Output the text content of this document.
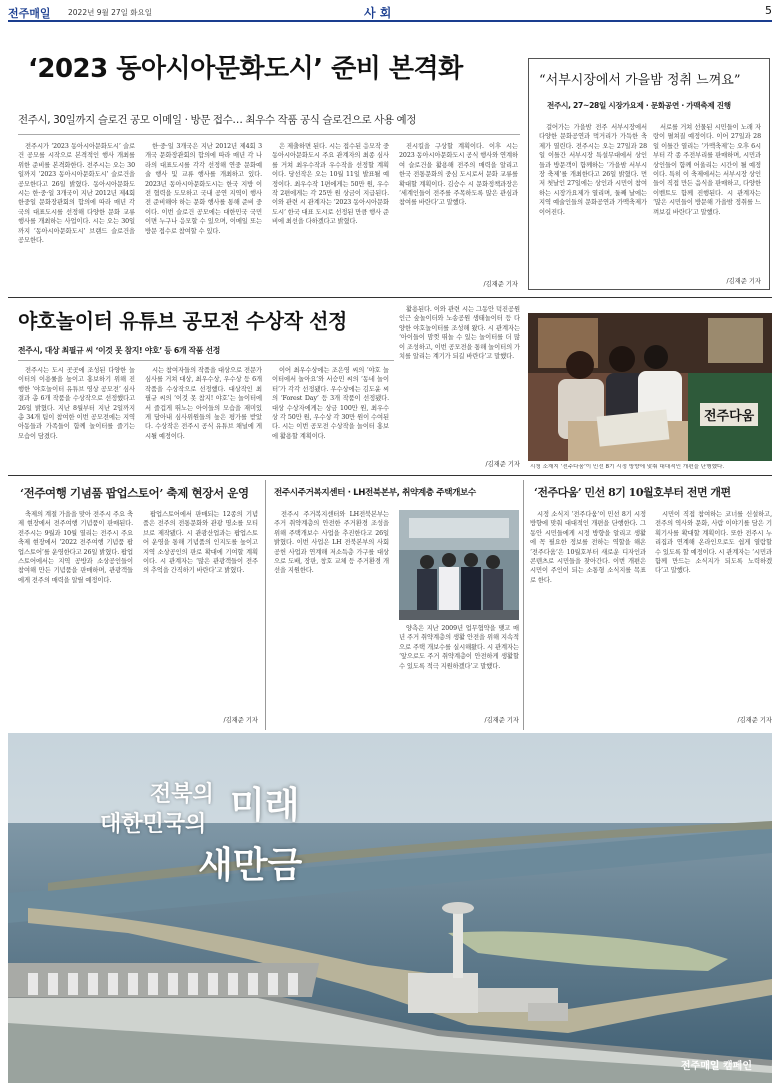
전주매일 2022년 9월 27일 화요일	사 회	5
‘2023 동아시아문화도시’ 준비 본격화
전주시, 30일까지 슬로건 공모 이메일 · 방문 접수… 최우수 작품 공식 슬로건으로 사용 예정

전주시가 ‘2023 동아시아문화도시’ 슬로건 공모를 시작으로 본격적인 행사 개최를 위한 준비를 본격화한다. 전주시는 오는 30일까지 ‘2023 동아시아문화도시’ 슬로건을 공모한다고 26일 밝혔다. 동아시아문화도시는 한·중·일 3개국이 지난 2012년 제4회 한중일 문화장관회의 합의에 따라 매년 각국의 대표도시를 선정해 다양한 문화 교류 행사를 개최하는 사업이다. 시는 오는 30일까지 ‘동아시아문화도시’ 브랜드 슬로건을 공모한다.

한·중·일 3개국은 지난 2012년 제4회 3개국 문화장관회의 합의에 따라 매년 각 나라의 대표도시를 각각 선정해 연중 문화예술 행사 및 교류 행사를 개최하고 있다. 2023년 동아시아문화도시는 한국 지방 이전 협력을 도모하고 국내 공연 지역이 행사 전 준비해야 하는 문화 행사를 통해 준비 중이다. 이번 슬로건 공모에는 대한민국 국민이면 누구나 응모할 수 있으며, 이메일 또는 방문 접수로 참여할 수 있다.

은 제출하면 된다. 시는 접수된 응모작 중 동아시아문화도시 주요 관계자의 최종 심사를 거쳐 최우수작과 우수작을 선정할 계획이다. 당선작은 오는 10월 11일 발표될 예정이다. 최우수작 1편에게는 50만 원, 우수작 2편에게는 각 25만 원 상금이 지급된다. 이와 관련 시 관계자는 ‘2023 동아시아문화도시’ 한국 대표 도시로 선정된 만큼 행사 준비에 최선을 다하겠다고 밝혔다.

진시킬을 구상할 계획이다. 이후 시는 2023 동아시아문화도시 공식 행사와 연계하여 슬로건을 활용해 전주의 매력을 알리고 한국 전통문화의 중심 도시로서 문화 교류를 확대할 계획이다. 김승수 시 문화정책과장은 ‘세계인들이 전주를 주목하도록 많은 관심과 참여를 바란다’고 말했다.

/김재준 기자
“서부시장에서 가을밤 정취 느껴요”
전주시, 27~28일 시장가요제 · 문화공연 · 가맥축제 진행

걸어가는 가을밤 전주 서부시장에서 다양한 문화공연과 먹거리가 가득한 축제가 열린다. 전주시는 오는 27일과 28일 이틀간 서부시장 특설무대에서 상인들과 방문객이 함께하는 ‘가을밤 서부시장 축제’를 개최한다고 26일 밝혔다. 먼저 첫날인 27일에는 상인과 시민이 참여하는 시장가요제가 열리며, 둘째 날에는 지역 예술인들의 문화공연과 가맥축제가 이어진다.

서로를 거쳐 선물된 시민들이 노래 자랑이 펼쳐질 예정이다. 이어 27일과 28일 이틀간 열리는 ‘가맥축제’는 오후 6시부터 각 종 주전부리를 판매하며, 시민과 상인들이 함께 어울리는 시간이 될 예정이다. 특히 이 축제에서는 서부시장 상인들이 직접 만든 음식을 판매하고, 다양한 이벤트도 함께 진행된다. 시 관계자는 ‘많은 시민들이 방문해 가을밤 정취를 느껴보길 바란다’고 말했다.

/김재준 기자
야호놀이터 유튜브 공모전 수상작 선정
전주시, 대상 최필규 씨 ‘이것 못 참지! 야호’ 등 6개 작품 선정

전주시는 도시 곳곳에 조성된 다양한 놀이터의 이용률을 높이고 홍보하기 위해 진행한 ‘야호놀이터 유튜브 영상 공모전’ 심사결과 총 6개 작품을 수상작으로 선정했다고 26일 밝혔다. 지난 8월부터 지난 2일까지 총 34개 팀이 참여한 이번 공모전에는 지역 아동들과 가족들이 함께 놀이터를 즐기는 모습이 담겼다.

시는 참여자들의 작품을 대상으로 전문가 심사를 거쳐 대상, 최우수상, 우수상 등 6개 작품을 수상작으로 선정했다. 대상작인 최필규 씨의 ‘이것 못 참지! 야호’는 놀이터에서 즐겁게 뛰노는 아이들의 모습을 재미있게 담아내 심사위원들의 높은 평가를 받았다. 수상작은 전주시 공식 유튜브 채널에 게시될 예정이다.

이어 최우수상에는 조은영 씨의 ‘야호 놀이터에서 놀아요’와 서승민 씨의 ‘동네 놀이터’가 각각 선정됐다. 우수상에는 김도윤 씨의 ‘Forest Day’ 등 3개 작품이 선정됐다. 대상 수상자에게는 상금 100만 원, 최우수상 각 50만 원, 우수상 각 30만 원이 수여된다. 시는 이번 공모전 수상작을 놀이터 홍보에 활용할 계획이다.

활용된다. 이와 관련 시는 그동안 덕진공원 인근 숲놀이터와 노송공원 생태놀이터 등 다양한 야호놀이터를 조성해 왔다. 시 관계자는 ‘아이들이 맘껏 뛰놀 수 있는 놀이터를 더 많이 조성하고, 이번 공모전을 통해 놀이터의 가치를 알리는 계기가 되길 바란다’고 말했다.

/김재준 기자
전주다움
시청 소재지 ‘전주다움’이 민선 8기 시정 방향에 맞춰 대대적인 개편을 단행했다.
‘전주여행 기념품 팝업스토어’ 축제 현장서 운영

축제의 계절 가을을 맞아 전주시 주요 축제 현장에서 전주여행 기념품이 판매된다. 전주시는 9월과 10월 열리는 전주시 주요 축제 현장에서 ‘2022 전주여행 기념품 팝업스토어’를 운영한다고 26일 밝혔다. 팝업스토어에서는 지역 공방과 소상공인들이 참여해 만든 기념품을 판매하며, 관광객들에게 전주의 매력을 알릴 예정이다.

팝업스토어에서 판매되는 12종의 기념품은 전주의 전통문화와 관광 명소를 모티브로 제작됐다. 시 관광산업과는 팝업스토어 운영을 통해 기념품의 인지도를 높이고 지역 소상공인의 판로 확대에 기여할 계획이다. 시 관계자는 ‘많은 관광객들이 전주의 추억을 간직하기 바란다’고 밝혔다.

/김재준 기자
전주시주거복지센터 · LH전북본부, 취약계층 주택개보수

전주시 주거복지센터와 LH전북본부는 주거 취약계층의 안전한 주거환경 조성을 위해 주택개보수 사업을 추진한다고 26일 밝혔다. 이번 사업은 LH 전북본부의 사회공헌 사업과 연계해 저소득층 가구를 대상으로 도배, 장판, 창호 교체 등 주거환경 개선을 지원한다.

양측은 지난 2009년 업무협약을 맺고 매년 주거 취약계층의 생활 안전을 위해 지속적으로 주택 개보수를 실시해왔다. 시 관계자는 ‘앞으로도 주거 취약계층이 안전하게 생활할 수 있도록 적극 지원하겠다’고 말했다.

/김재준 기자
‘전주다움’ 민선 8기 10월호부터 전면 개편

시정 소식지 ‘전주다움’이 민선 8기 시정 방향에 맞춰 대대적인 개편을 단행한다. 그동안 시민들에게 시정 방향을 알리고 생활에 꼭 필요한 정보를 전하는 역할을 해온 ‘전주다움’은 10월호부터 새로운 디자인과 콘텐츠로 시민들을 찾아간다. 이번 개편은 시민이 주인이 되는 소통형 소식지를 목표로 한다.

시민이 직접 참여하는 코너를 신설하고, 전주의 역사와 문화, 사람 이야기를 담은 기획기사를 확대할 계획이다. 또한 전주시 누리집과 연계해 온라인으로도 쉽게 열람할 수 있도록 할 예정이다. 시 관계자는 ‘시민과 함께 만드는 소식지가 되도록 노력하겠다’고 말했다.

/김재준 기자
전북의
대한민국의 미래
새만금
전주매일 캠페인
